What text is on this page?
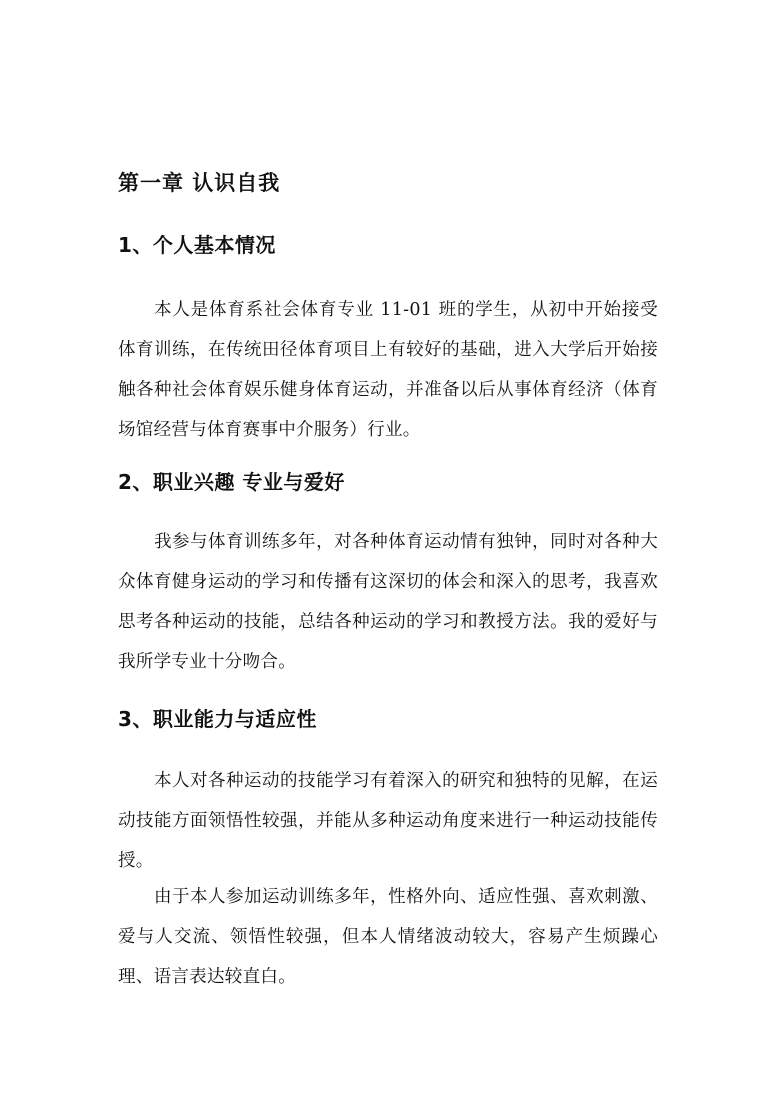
第一章 认识自我
1、个人基本情况

本人是体育系社会体育专业 11-01 班的学生，从初中开始接受体育训练，在传统田径体育项目上有较好的基础，进入大学后开始接触各种社会体育娱乐健身体育运动，并准备以后从事体育经济（体育场馆经营与体育赛事中介服务）行业。

2、职业兴趣 专业与爱好

我参与体育训练多年，对各种体育运动情有独钟，同时对各种大众体育健身运动的学习和传播有这深切的体会和深入的思考，我喜欢思考各种运动的技能，总结各种运动的学习和教授方法。我的爱好与我所学专业十分吻合。

3、职业能力与适应性

本人对各种运动的技能学习有着深入的研究和独特的见解，在运动技能方面领悟性较强，并能从多种运动角度来进行一种运动技能传授。

由于本人参加运动训练多年，性格外向、适应性强、喜欢刺激、爱与人交流、领悟性较强，但本人情绪波动较大，容易产生烦躁心理、语言表达较直白。
